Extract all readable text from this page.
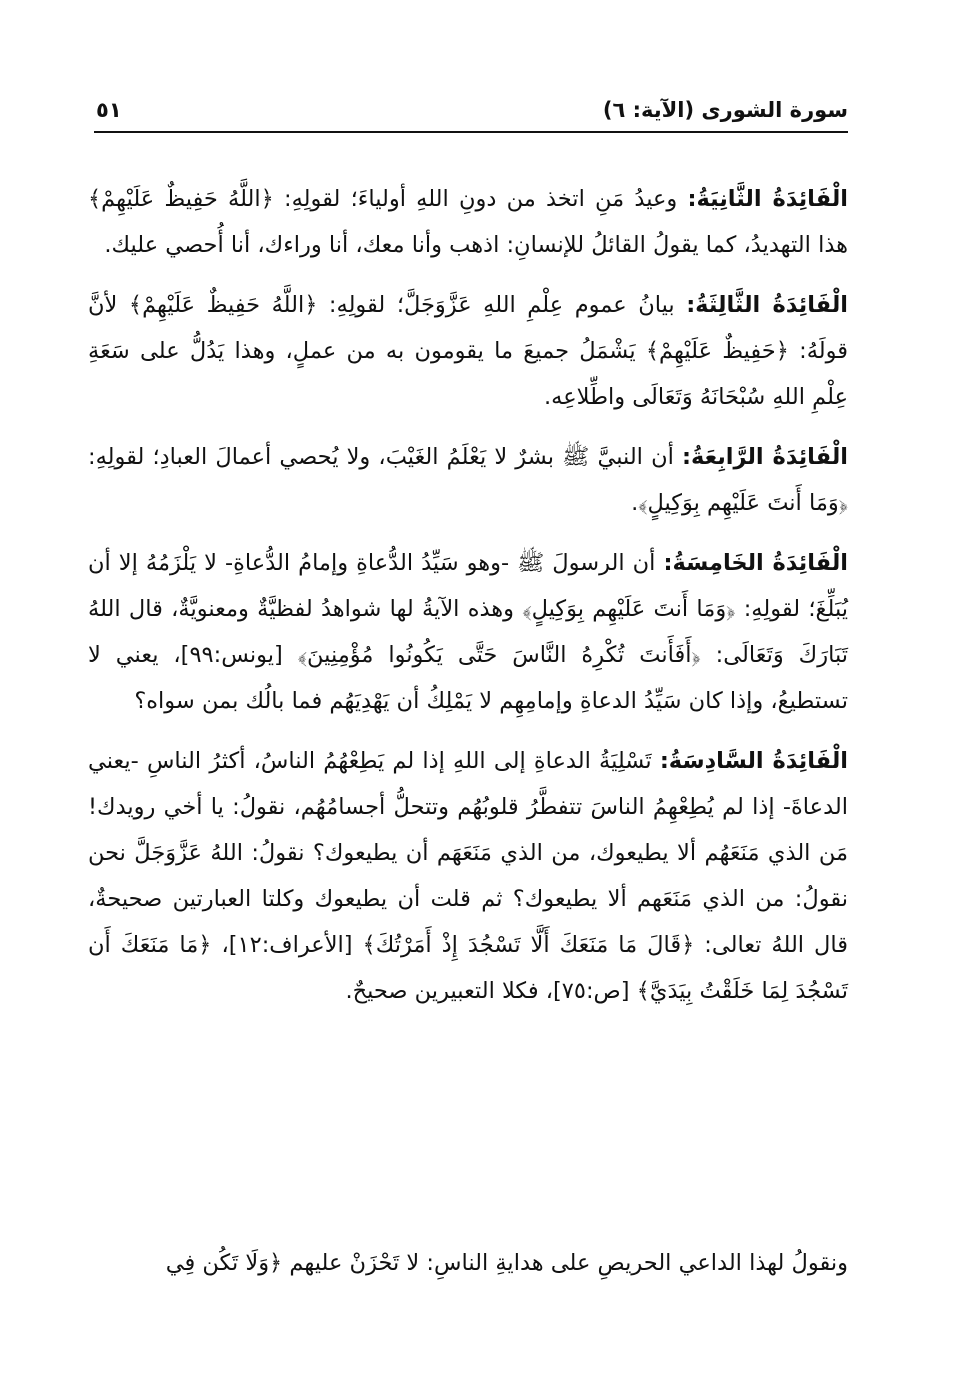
سورة الشورى (الآية: ٦)
٥١

الْفَائِدَةُ الثَّانِيَةُ: وعيدُ مَنِ اتخذ من دونِ اللهِ أولياءَ؛ لقولِهِ: ﴿اللَّهُ حَفِيظٌ عَلَيْهِمْ﴾ هذا التهديدُ، كما يقولُ القائلُ للإنسانِ: اذهب وأنا معك، أنا وراءك، أنا أُحصي عليك.

الْفَائِدَةُ الثَّالِثَةُ: بيانُ عموم عِلْمِ اللهِ عَزَّوَجَلَّ؛ لقولِهِ: ﴿اللَّهُ حَفِيظٌ عَلَيْهِمْ﴾ لأنَّ قولَهُ: ﴿حَفِيظٌ عَلَيْهِمْ﴾ يَشْمَلُ جميعَ ما يقومون به من عملٍ، وهذا يَدُلُّ على سَعَةِ عِلْمِ اللهِ سُبْحَانَهُ وَتَعَالَى واطِّلاعِه.

الْفَائِدَةُ الرَّابِعَةُ: أن النبيَّ ﷺ بشرٌ لا يَعْلَمُ الغَيْبَ، ولا يُحصي أعمالَ العبادِ؛ لقولِهِ: ﴿وَمَا أَنتَ عَلَيْهِم بِوَكِيلٍ﴾.

الْفَائِدَةُ الخَامِسَةُ: أن الرسولَ ﷺ -وهو سَيِّدُ الدُّعاةِ وإمامُ الدُّعاةِ- لا يَلْزَمُهُ إلا أن يُبَلِّغَ؛ لقولِهِ: ﴿وَمَا أَنتَ عَلَيْهِم بِوَكِيلٍ﴾ وهذه الآيةُ لها شواهدُ لفظيَّةٌ ومعنويَّةٌ، قال اللهُ تَبَارَكَ وَتَعَالَى: ﴿أَفَأَنتَ تُكْرِهُ النَّاسَ حَتَّى يَكُونُوا مُؤْمِنِينَ﴾ [يونس:٩٩]، يعني لا تستطيعُ، وإذا كان سَيِّدُ الدعاةِ وإمامِهِم لا يَمْلِكُ أن يَهْدِيَهُم فما بالُك بمن سواه؟

الْفَائِدَةُ السَّادِسَةُ: تَسْلِيَةُ الدعاةِ إلى اللهِ إذا لم يَطِعْهُمُ الناسُ، أكثرُ الناسِ -يعني الدعاةَ- إذا لم يُطِعْهِمُ الناسَ تتفطَّرُ قلوبُهُم وتتحلُّ أجسامُهُم، نقولُ: يا أخي رويدك! مَن الذي مَنَعَهُم ألا يطيعوك، من الذي مَنَعَهَم أن يطيعوك؟ نقولُ: اللهُ عَزَّوَجَلَّ نحن نقولُ: من الذي مَنَعَهم ألا يطيعوك؟ ثم قلت أن يطيعوك وكلتا العبارتين صحيحةٌ، قال اللهُ تعالى: ﴿قَالَ مَا مَنَعَكَ أَلَّا تَسْجُدَ إِذْ أَمَرْتُكَ﴾ [الأعراف:١٢]، ﴿مَا مَنَعَكَ أَن تَسْجُدَ لِمَا خَلَقْتُ بِيَدَيَّ﴾ [ص:٧٥]، فكلا التعبيرين صحيحٌ.

ونقولُ لهذا الداعي الحريصِ على هدايةِ الناسِ: لا تَحْزَنْ عليهم ﴿وَلَا تَكُن فِي
